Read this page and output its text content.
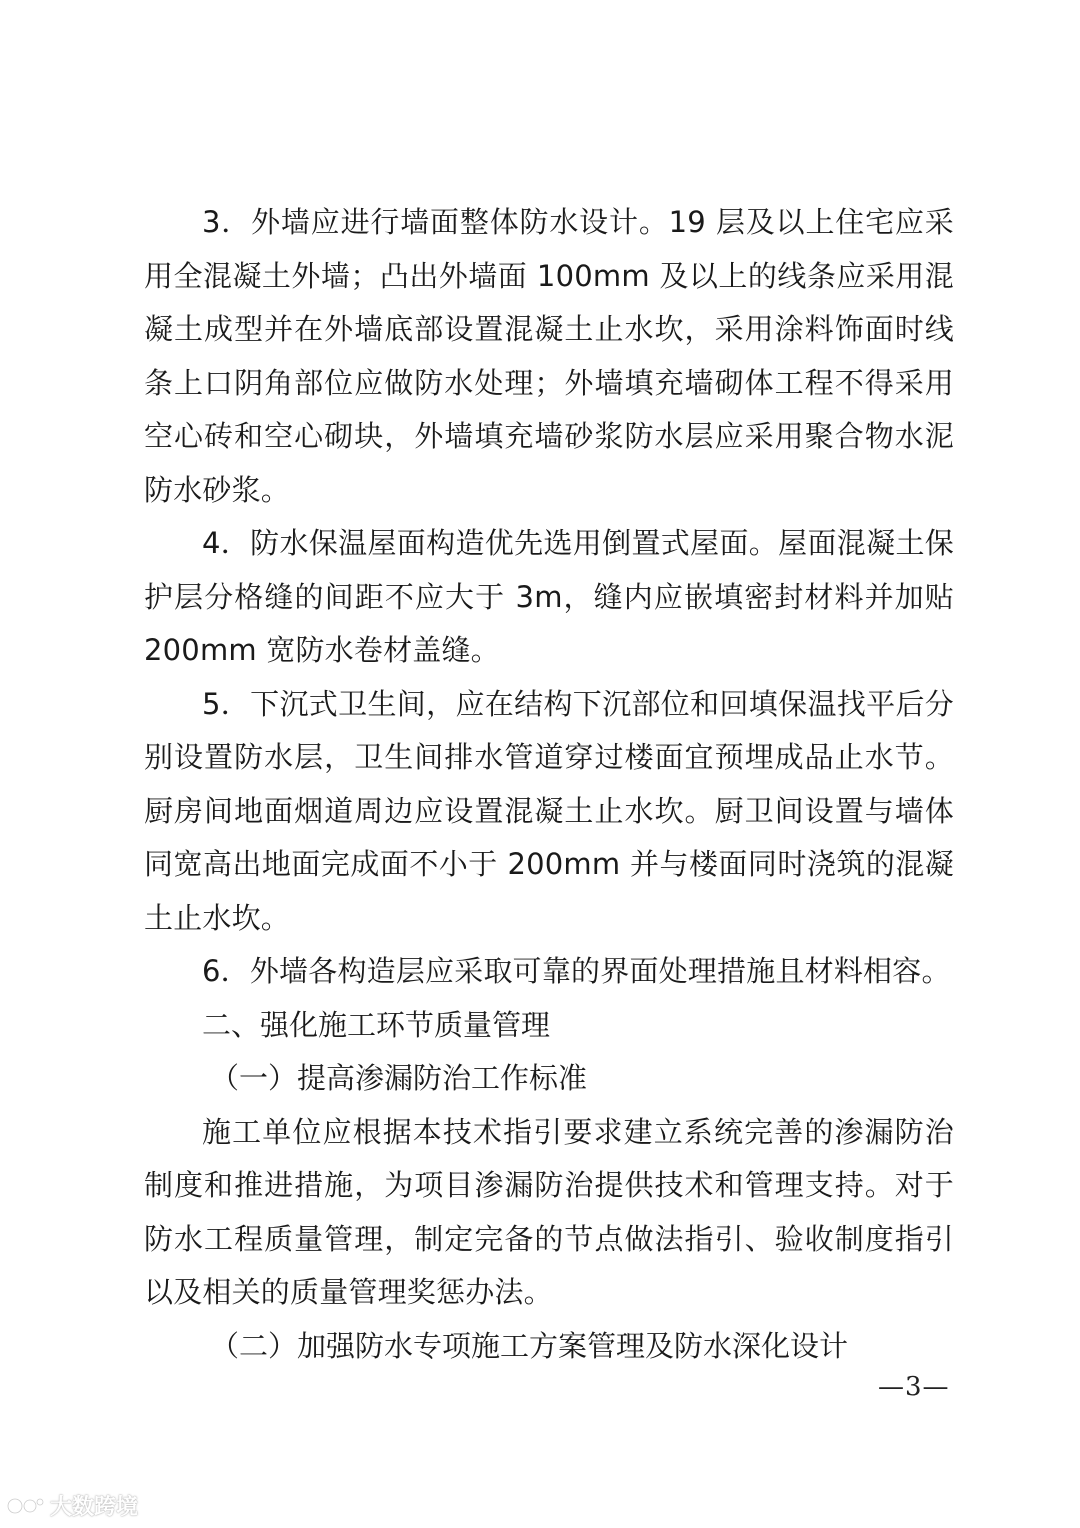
3．外墙应进行墙面整体防水设计。19 层及以上住宅应采用全混凝土外墙；凸出外墙面 100mm 及以上的线条应采用混凝土成型并在外墙底部设置混凝土止水坎，采用涂料饰面时线条上口阴角部位应做防水处理；外墙填充墙砌体工程不得采用空心砖和空心砌块，外墙填充墙砂浆防水层应采用聚合物水泥防水砂浆。

4．防水保温屋面构造优先选用倒置式屋面。屋面混凝土保护层分格缝的间距不应大于 3m，缝内应嵌填密封材料并加贴 200mm 宽防水卷材盖缝。

5．下沉式卫生间，应在结构下沉部位和回填保温找平后分别设置防水层，卫生间排水管道穿过楼面宜预埋成品止水节。厨房间地面烟道周边应设置混凝土止水坎。厨卫间设置与墙体同宽高出地面完成面不小于 200mm 并与楼面同时浇筑的混凝土止水坎。

6．外墙各构造层应采取可靠的界面处理措施且材料相容。

二、强化施工环节质量管理

（一）提高渗漏防治工作标准

施工单位应根据本技术指引要求建立系统完善的渗漏防治制度和推进措施，为项目渗漏防治提供技术和管理支持。对于防水工程质量管理，制定完备的节点做法指引、验收制度指引以及相关的质量管理奖惩办法。

（二）加强防水专项施工方案管理及防水深化设计

—3—
大数跨境
